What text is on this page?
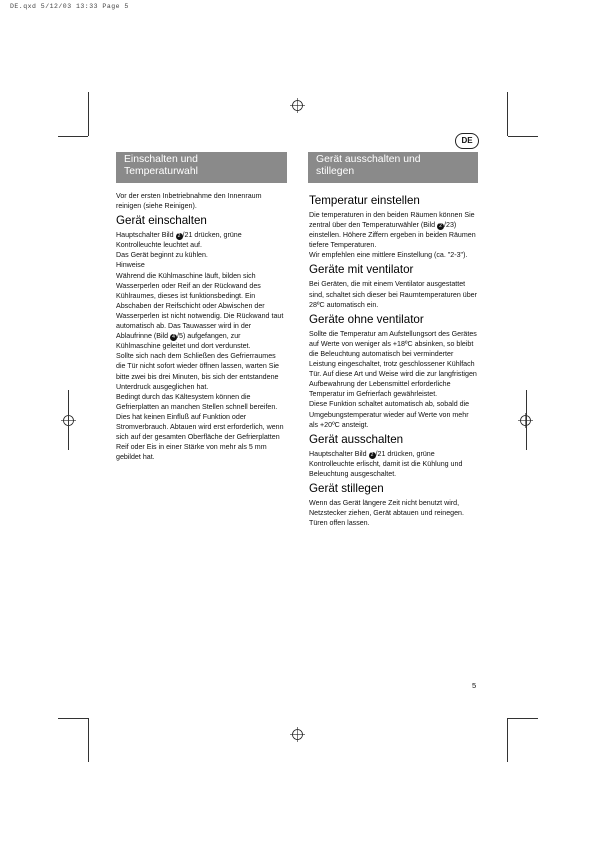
DE.qxd 5/12/03 13:33 Page 5
DE
Einschalten und
Temperaturwahl

Vor der ersten Inbetriebnahme den Innenraum reinigen (siehe Reinigen).

Gerät einschalten

Hauptschalter Bild 2 /21 drücken, grüne Kontrolleuchte leuchtet auf.

Das Gerät beginnt zu kühlen.

Hinweise

Während die Kühlmaschine läuft, bilden sich Wasserperlen oder Reif an der Rückwand des Kühlraumes, dieses ist funktionsbedingt. Ein Abschaben der Reifschicht oder Abwischen der Wasserperlen ist nicht notwendig. Die Rückwand taut automatisch ab. Das Tauwasser wird in der Ablaufrinne (Bild 4 /5) aufgefangen, zur Kühlmaschine geleitet und dort verdunstet.

Sollte sich nach dem Schließen des Gefrierraumes die Tür nicht sofort wieder öffnen lassen, warten Sie bitte zwei bis drei Minuten, bis sich der entstandene Unterdruck ausgeglichen hat.

Bedingt durch das Kältesystem können die Gefrierplatten an manchen Stellen schnell bereifen. Dies hat keinen Einfluß auf Funktion oder Stromverbrauch. Abtauen wird erst erforderlich, wenn sich auf der gesamten Oberfläche der Gefrierplatten Reif oder Eis in einer Stärke von mehr als 5 mm gebildet hat.

Gerät ausschalten und
stillegen
Temperatur einstellen

Die temperaturen in den beiden Räumen können Sie zentral über den Temperaturwähler (Bild 2 /23) einstellen. Höhere Ziffern ergeben in beiden Räumen tiefere Temperaturen.

Wir empfehlen eine mittlere Einstellung (ca. "2-3").

Geräte mit ventilator

Bei Geräten, die mit einem Ventilator ausgestattet sind, schaltet sich dieser bei Raumtemperaturen über 28ºC automatisch ein.

Geräte ohne ventilator

Sollte die Temperatur am Aufstellungsort des Gerätes auf Werte von weniger als +18ºC absinken, so bleibt die Beleuchtung automatisch bei verminderter Leistung eingeschaltet, trotz geschlossener Kühlfach Tür. Auf diese Art und Weise wird die zur langfristigen Aufbewahrung der Lebensmittel erforderliche Temperatur im Gefrierfach gewährleistet.

Diese Funktion schaltet automatisch ab, sobald die Umgebungstemperatur wieder auf Werte von mehr als +20ºC ansteigt.

Gerät ausschalten

Hauptschalter Bild 2 /21 drücken, grüne Kontrolleuchte erlischt, damit ist die Kühlung und Beleuchtung ausgeschaltet.

Gerät stillegen

Wenn das Gerät längere Zeit nicht benutzt wird, Netzstecker ziehen, Gerät abtauen und reinegen. Türen offen lassen.

5
